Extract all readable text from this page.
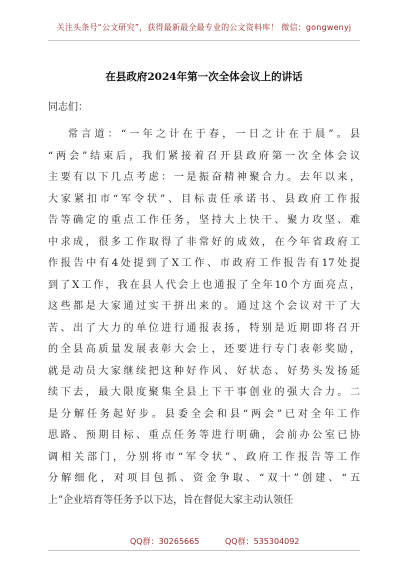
关注头条号“公文研究”，获得最新最全最专业的公文资料库！ 微信：gongwenyj
在县政府2024年第一次全体会议上的讲话
同志们：
常言道：“一年之计在于春，一日之计在于晨”。县
“两会”结束后，我们紧接着召开县政府第一次全体会议
主要有以下几点考虑：一是振奋精神聚合力。去年以来，
大家紧扣市“军令状”、目标责任承诺书、县政府工作报
告等确定的重点工作任务，坚持大上快干、聚力攻坚、难
中求成，很多工作取得了非常好的成效，在今年省政府工
作报告中有4处提到了X工作、市政府工作报告有17处提
到了X工作，我在县人代会上也通报了全年10个方面亮点，
这些都是大家通过实干拼出来的。通过这个会议对干了大
苦、出了大力的单位进行通报表扬，特别是近期即将召开
的全县高质量发展表彰大会上，还要进行专门表彰奖励，
就是动员大家继续把这种好作风、好状态、好势头发扬延
续下去，最大限度聚集全县上下干事创业的强大合力。二
是分解任务起好步。县委全会和县“两会”已对全年工作
思路、预期目标、重点任务等进行明确，会前办公室已协
调相关部门，分别将市“军令状”、政府工作报告等工作
分解细化，对项目包抓、资金争取、“双十”创建、“五
上”企业培育等任务予以下达，旨在督促大家主动认领任
QQ群：30265665	QQ群：535304092
